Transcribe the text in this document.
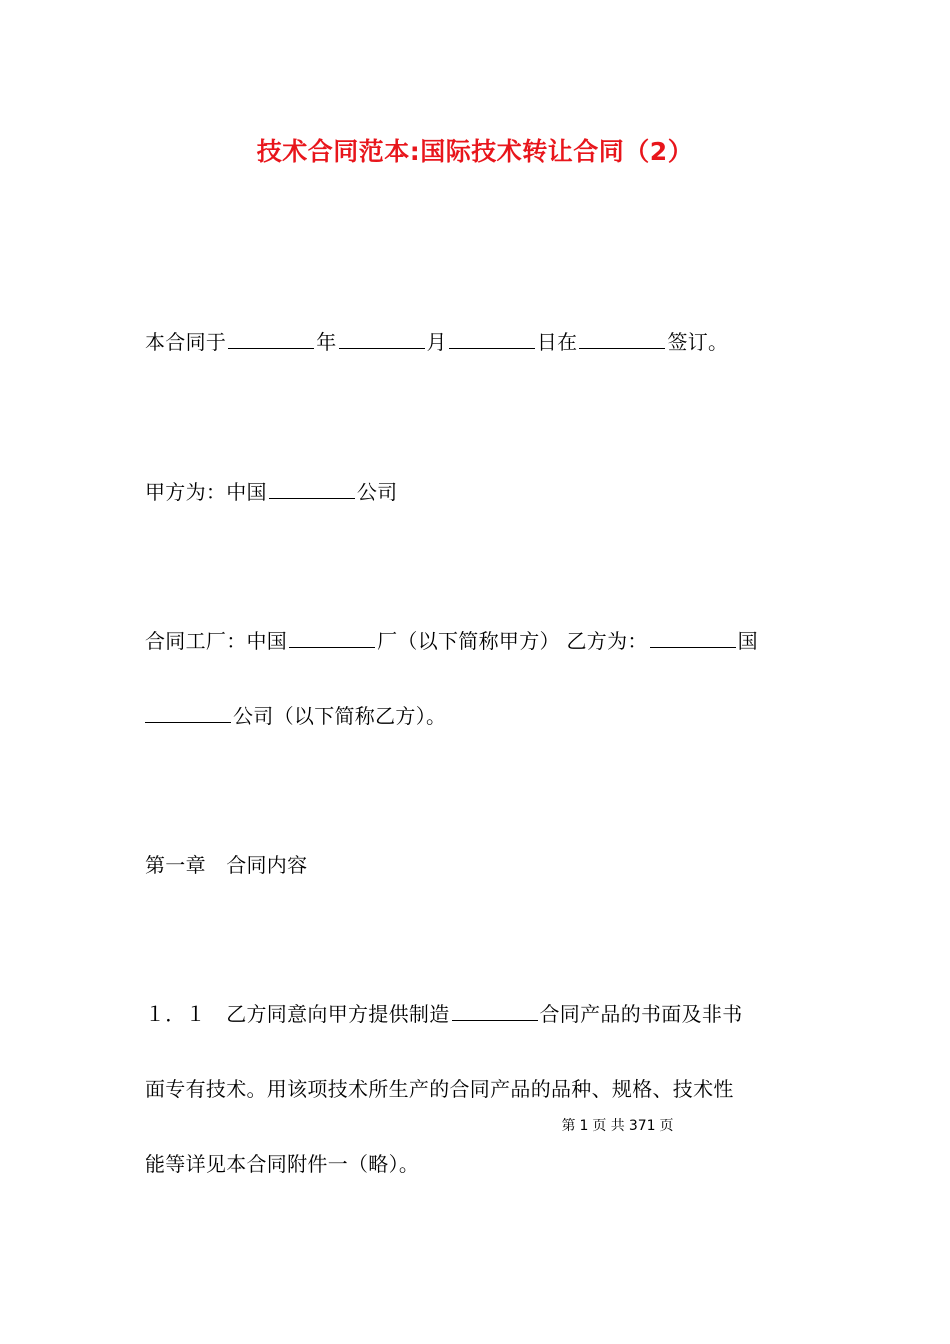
技术合同范本:国际技术转让合同（2）
本合同于	年	月	日在	签订。
甲方为：中国	公司
合同工厂：中国	厂（以下简称甲方） 乙方为：	国
公司（以下简称乙方）。
第一章　合同内容
１．１　乙方同意向甲方提供制造	合同产品的书面及非书
面专有技术。用该项技术所生产的合同产品的品种、规格、技术性
第 1 页 共 371 页
能等详见本合同附件一（略）。
